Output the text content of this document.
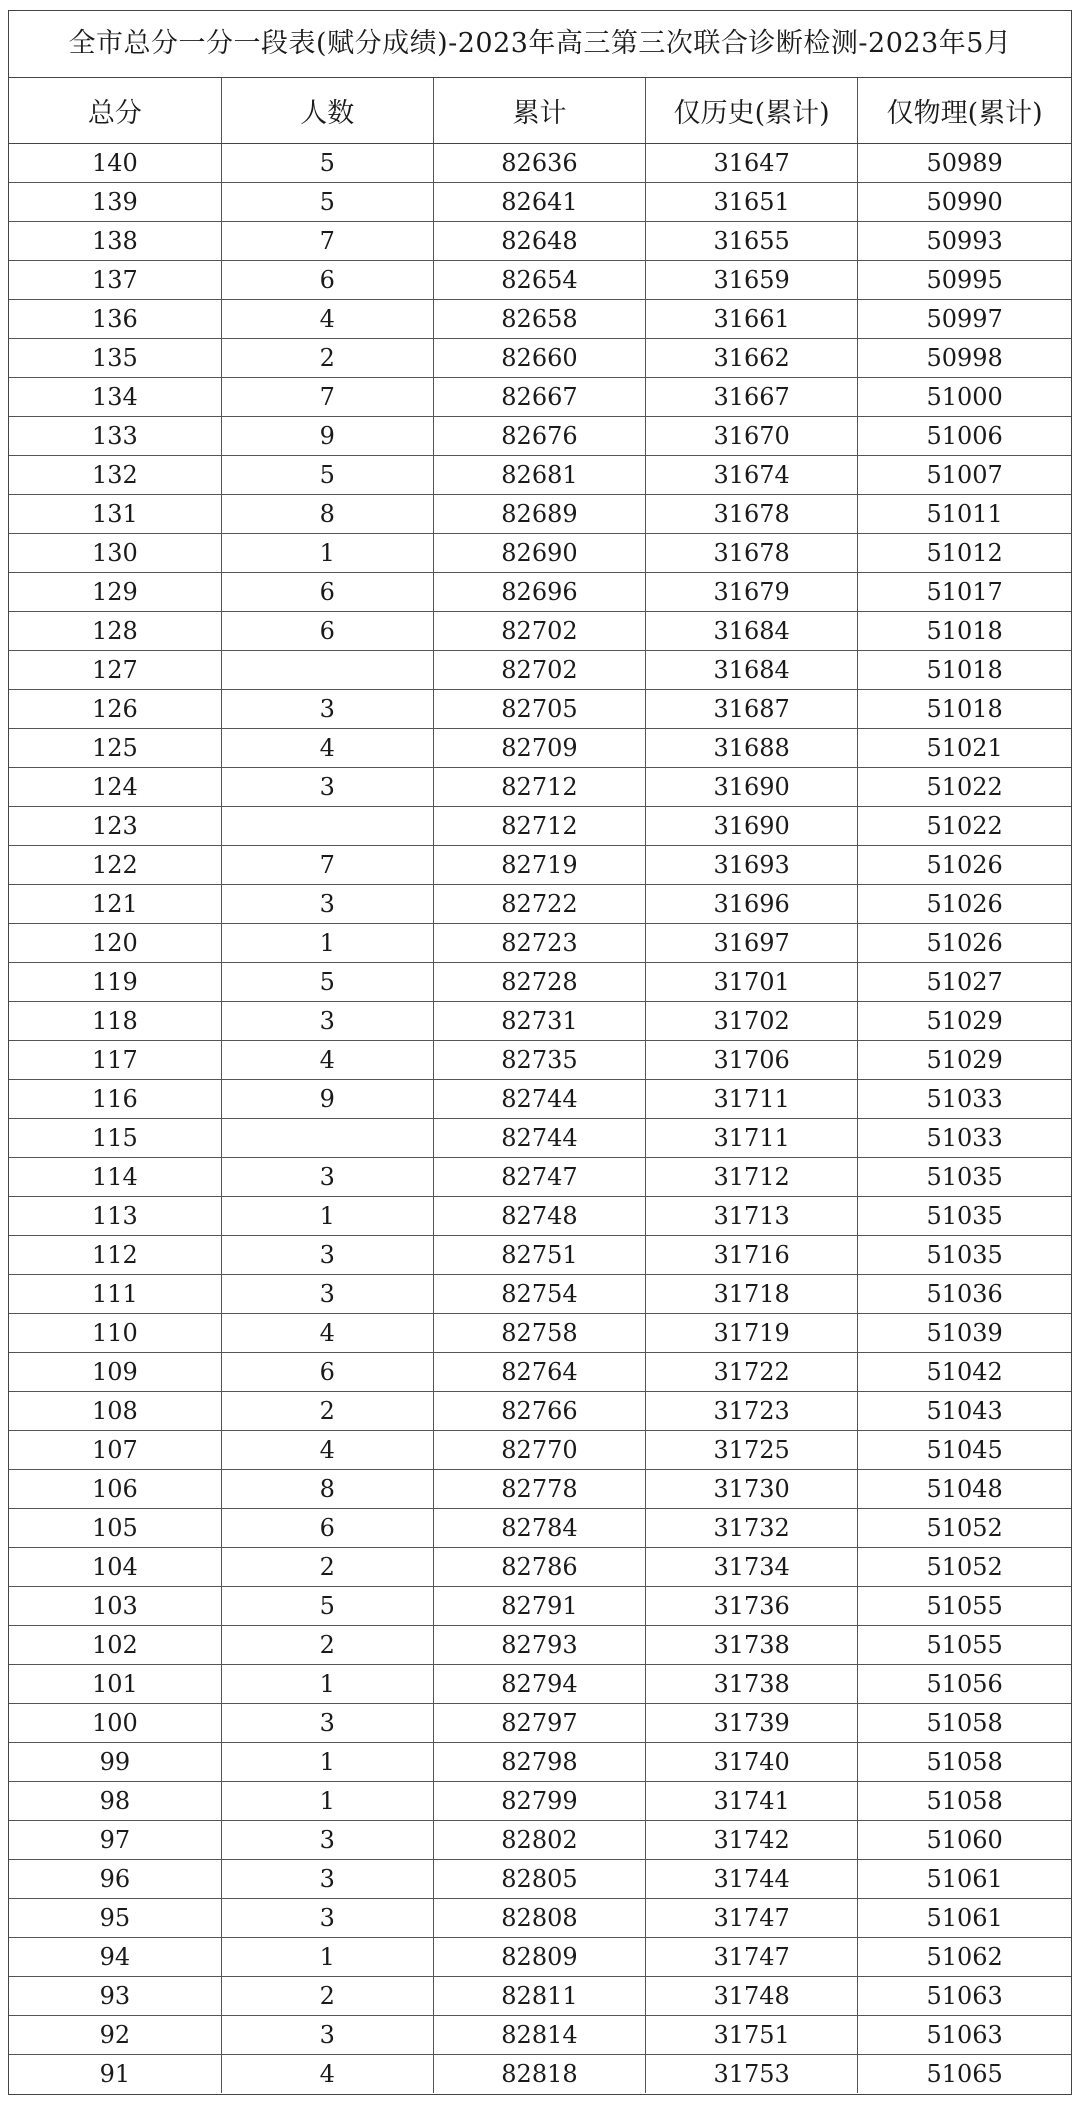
全市总分一分一段表(赋分成绩)-2023年高三第三次联合诊断检测-2023年5月
总分	人数	累计	仅历史(累计)	仅物理(累计)
140	5	82636	31647	50989
139	5	82641	31651	50990
138	7	82648	31655	50993
137	6	82654	31659	50995
136	4	82658	31661	50997
135	2	82660	31662	50998
134	7	82667	31667	51000
133	9	82676	31670	51006
132	5	82681	31674	51007
131	8	82689	31678	51011
130	1	82690	31678	51012
129	6	82696	31679	51017
128	6	82702	31684	51018
127		82702	31684	51018
126	3	82705	31687	51018
125	4	82709	31688	51021
124	3	82712	31690	51022
123		82712	31690	51022
122	7	82719	31693	51026
121	3	82722	31696	51026
120	1	82723	31697	51026
119	5	82728	31701	51027
118	3	82731	31702	51029
117	4	82735	31706	51029
116	9	82744	31711	51033
115		82744	31711	51033
114	3	82747	31712	51035
113	1	82748	31713	51035
112	3	82751	31716	51035
111	3	82754	31718	51036
110	4	82758	31719	51039
109	6	82764	31722	51042
108	2	82766	31723	51043
107	4	82770	31725	51045
106	8	82778	31730	51048
105	6	82784	31732	51052
104	2	82786	31734	51052
103	5	82791	31736	51055
102	2	82793	31738	51055
101	1	82794	31738	51056
100	3	82797	31739	51058
99	1	82798	31740	51058
98	1	82799	31741	51058
97	3	82802	31742	51060
96	3	82805	31744	51061
95	3	82808	31747	51061
94	1	82809	31747	51062
93	2	82811	31748	51063
92	3	82814	31751	51063
91	4	82818	31753	51065
